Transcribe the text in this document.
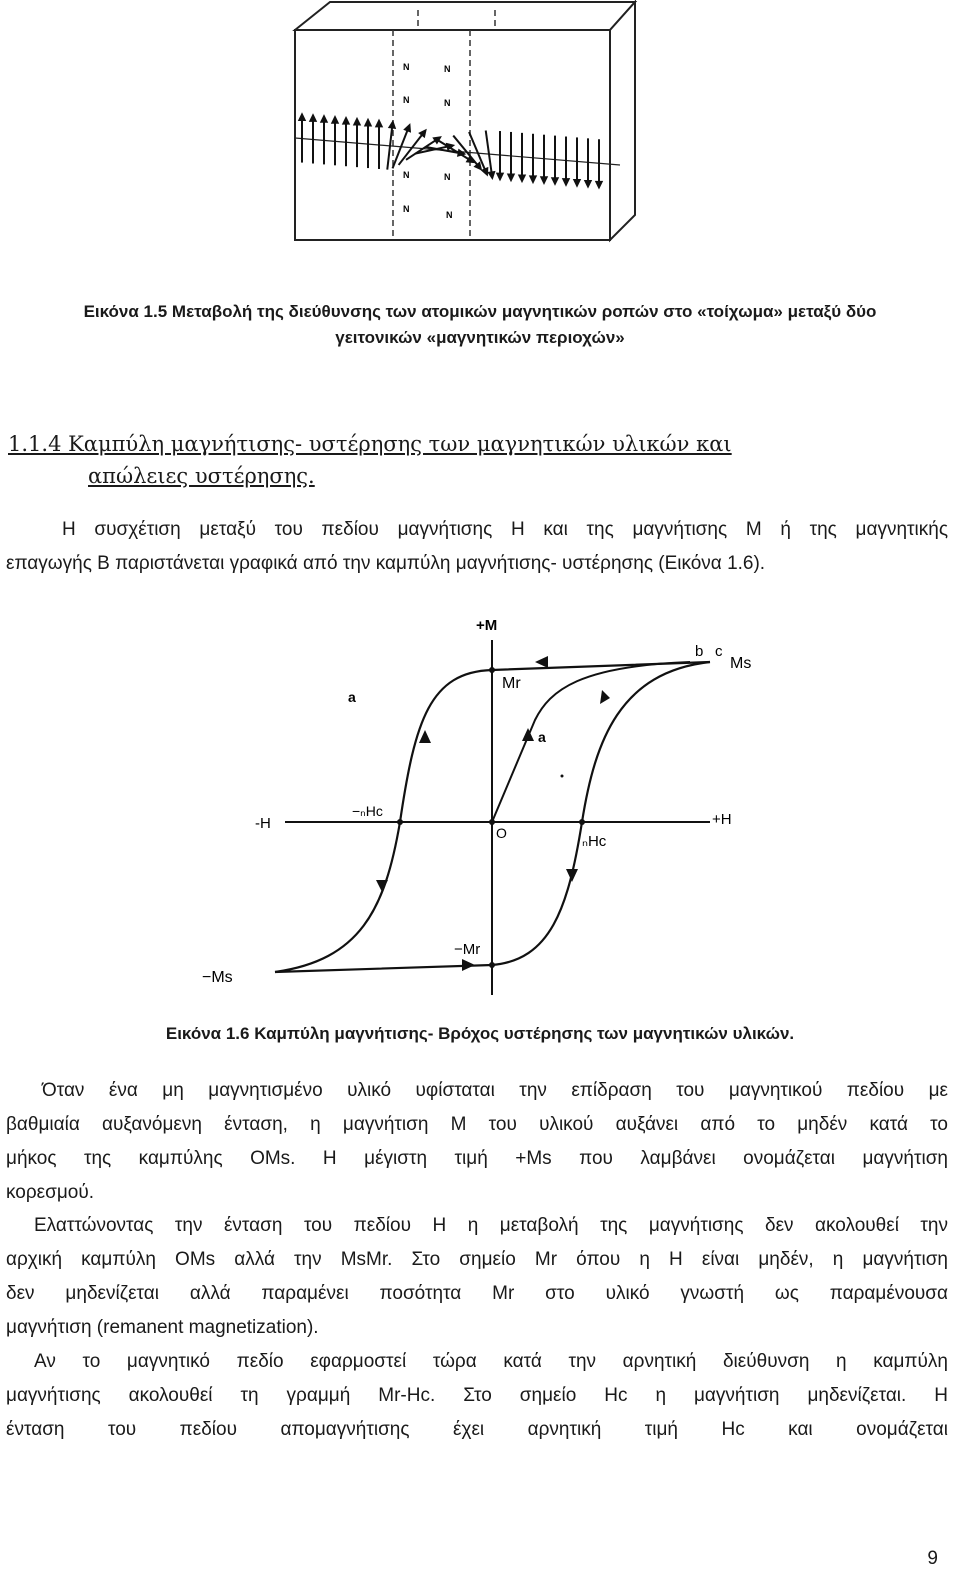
N	N
N	N
N	N
N
N
Εικόνα 1.5 Μεταβολή της διεύθυνσης των ατομικών μαγνητικών ροπών στο «τοίχωμα» μεταξύ δύο
γειτονικών «μαγνητικών περιοχών»
1.1.4 Καμπύλη μαγνήτισης- υστέρησης των μαγνητικών υλικών και
απώλειες υστέρησης.
Η συσχέτιση μεταξύ του πεδίου μαγνήτισης Η και της μαγνήτισης Μ ή της μαγνητικής
επαγωγής Β παριστάνεται γραφικά από την καμπύλη μαγνήτισης- υστέρησης (Εικόνα 1.6).
+M
-H	+H
O
b c
Ms
Mr
a
a
−ₙHc
ₙHc
−Mr
−Ms
Εικόνα 1.6 Καμπύλη μαγνήτισης- Βρόχος υστέρησης των μαγνητικών υλικών.
Όταν ένα μη μαγνητισμένο υλικό υφίσταται την επίδραση του μαγνητικού πεδίου με
βαθμιαία αυξανόμενη ένταση, η μαγνήτιση Μ του υλικού αυξάνει από το μηδέν κατά το
μήκος της καμπύλης ΟΜs. Η μέγιστη τιμή +Ms που λαμβάνει ονομάζεται μαγνήτιση
κορεσμού.
Ελαττώνοντας την ένταση του πεδίου Η η μεταβολή της μαγνήτισης δεν ακολουθεί την
αρχική καμπύλη ΟΜs αλλά την ΜsMr. Στο σημείο Mr όπου η Η είναι μηδέν, η μαγνήτιση
δεν μηδενίζεται αλλά παραμένει ποσότητα Mr στο υλικό γνωστή ως παραμένουσα
μαγνήτιση (remanent magnetization).
Αν το μαγνητικό πεδίο εφαρμοστεί τώρα κατά την αρνητική διεύθυνση η καμπύλη
μαγνήτισης ακολουθεί τη γραμμή Mr-Hc. Στο σημείο Hc η μαγνήτιση μηδενίζεται. Η
ένταση του πεδίου απομαγνήτισης έχει αρνητική τιμή Hc και ονομάζεται
9
